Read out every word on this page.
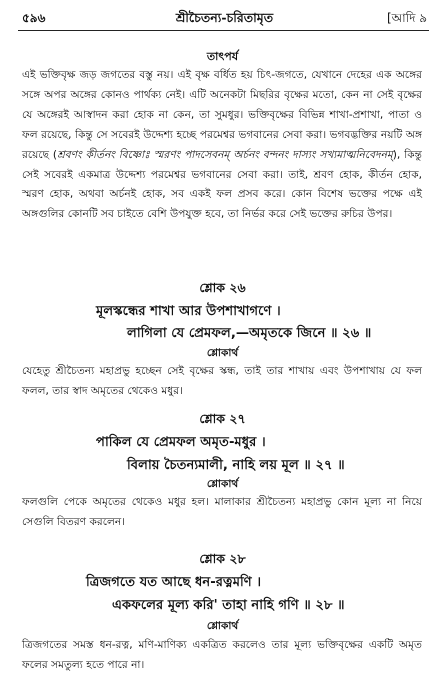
৫৯৬	শ্রীচৈতন্য-চরিতামৃত	[আদি ৯
তাৎপর্য

এই ভক্তিবৃক্ষ জড় জগতের বস্তু নয়। এই বৃক্ষ বর্ধিত হয় চিৎ-জগতে, যেখানে দেহের এক অঙ্গের সঙ্গে অপর অঙ্গের কোনও পার্থক্য নেই। এটি অনেকটা মিছরির বৃক্ষের মতো, কেন না সেই বৃক্ষের যে অঙ্গেরই আস্বাদন করা হোক না কেন, তা সুমধুর। ভক্তিবৃক্ষের বিভিন্ন শাখা-প্রশাখা, পাতা ও ফল রয়েছে, কিন্তু সে সবেরই উদ্দেশ্য হচ্ছে পরমেশ্বর ভগবানের সেবা করা। ভগবদ্ভক্তির নয়টি অঙ্গ রয়েছে (শ্রবণং কীর্তনং বিষ্ণোঃ স্মরণং পাদসেবনম্ অর্চনং বন্দনং দাস্যং সখ্যমাত্মনিবেদনম্), কিন্তু সেই সবেরই একমাত্র উদ্দেশ্য পরমেশ্বর ভগবানের সেবা করা। তাই, শ্রবণ হোক, কীর্তন হোক, স্মরণ হোক, অথবা অর্চনই হোক, সব একই ফল প্রসব করে। কোন বিশেষ ভক্তের পক্ষে এই অঙ্গগুলির কোনটি সব চাইতে বেশি উপযুক্ত হবে, তা নির্ভর করে সেই ভক্তের রুচির উপর।

শ্লোক ২৬
মূলস্কন্ধের শাখা আর উপশাখাগণে ।
লাগিলা যে প্রেমফল,—অমৃতকে জিনে ॥ ২৬ ॥
শ্লোকার্থ

যেহেতু শ্রীচৈতন্য মহাপ্রভু হচ্ছেন সেই বৃক্ষের স্কন্ধ, তাই তার শাখায় এবং উপশাখায় যে ফল ফলল, তার স্বাদ অমৃতের থেকেও মধুর।

শ্লোক ২৭
পাকিল যে প্রেমফল অমৃত-মধুর ।
বিলায় চৈতন্যমালী, নাহি লয় মূল ॥ ২৭ ॥
শ্লোকার্থ

ফলগুলি পেকে অমৃতের থেকেও মধুর হল। মালাকার শ্রীচৈতন্য মহাপ্রভু কোন মূল্য না নিয়ে সেগুলি বিতরণ করলেন।

শ্লোক ২৮
ত্রিজগতে যত আছে ধন-রত্নমণি ।
একফলের মূল্য করি' তাহা নাহি গণি ॥ ২৮ ॥
শ্লোকার্থ

ত্রিজগতের সমস্ত ধন-রত্ন, মণি-মাণিক্য একত্রিত করলেও তার মূল্য ভক্তিবৃক্ষের একটি অমৃত ফলের সমতুল্য হতে পারে না।
